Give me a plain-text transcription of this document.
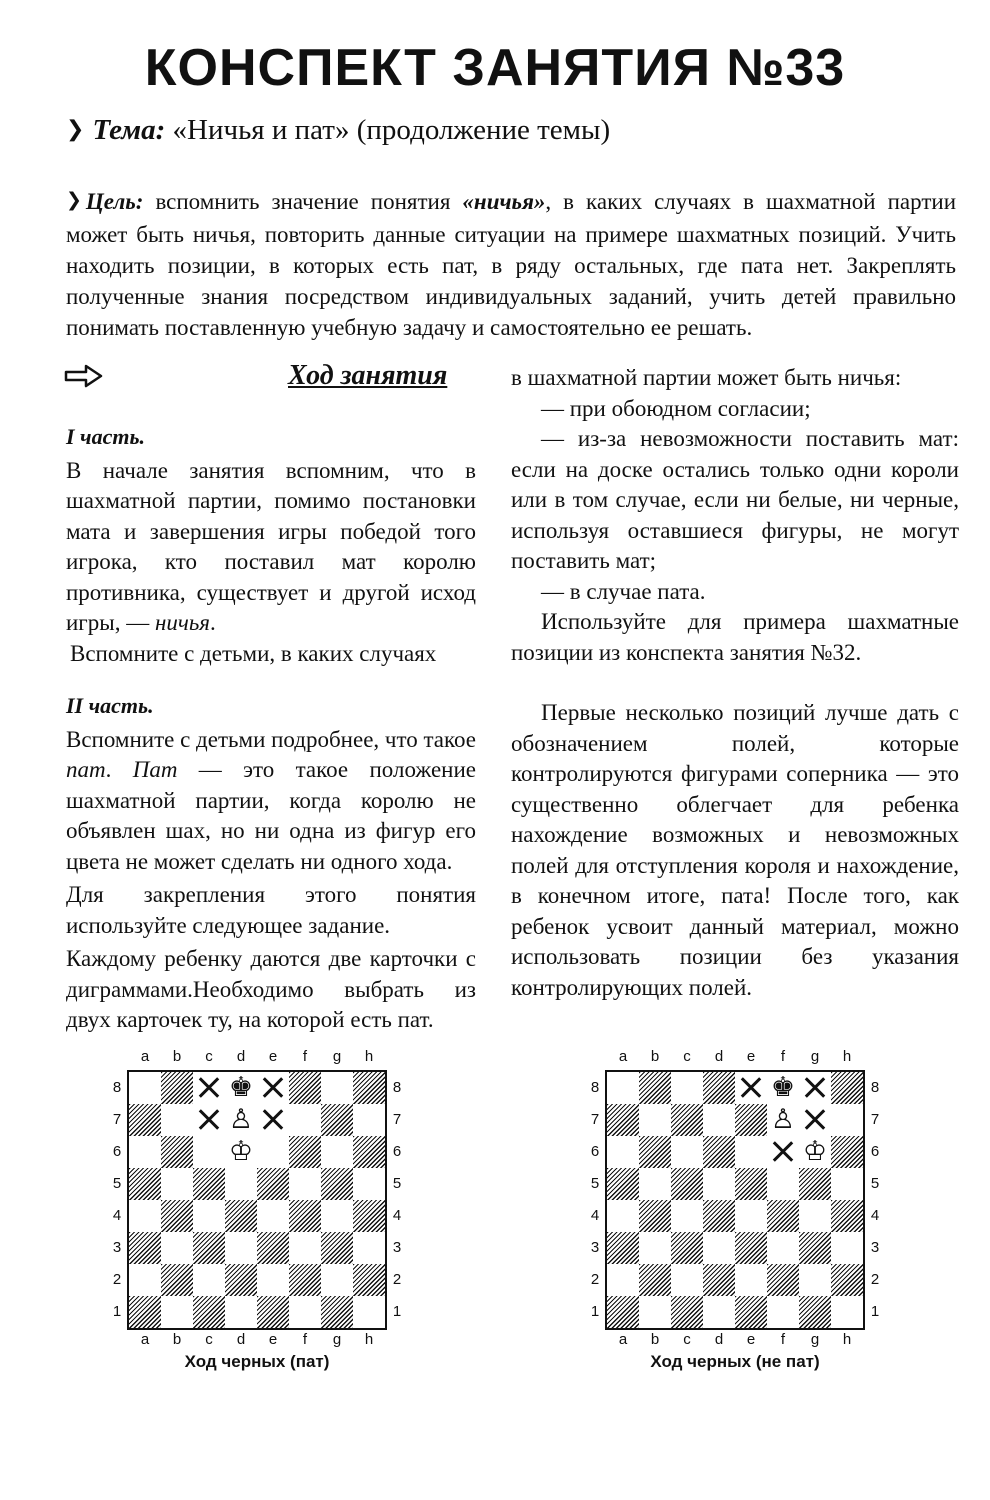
КОНСПЕКТ ЗАНЯТИЯ №33
❯ Тема: «Ничья и пат» (продолжение темы)
❯ Цель: вспомнить значение понятия «ничья», в каких случаях в шахматной партии может быть ничья, повторить данные ситуации на примере шахматных позиций. Учить находить позиции, в которых есть пат, в ряду остальных, где пата нет. Закреплять полученные знания посредством индивидуальных заданий, учить детей правильно понимать поставленную учебную задачу и самостоятельно ее решать.
Ход занятия

I часть.

В начале занятия вспомним, что в шахматной партии, помимо постановки мата и завершения игры победой того игрока, кто поставил мат королю противника, существует и другой исход игры, — ничья.

Вспомните с детьми, в каких случаях

II часть.

Вспомните с детьми подробнее, что такое пат. Пат — это такое положение шахматной партии, когда королю не объявлен шах, но ни одна из фигур его цвета не может сделать ни одного хода.

Для закрепления этого понятия используйте следующее задание.

Каждому ребенку даются две карточки с диграммами.Необходимо выбрать из двух карточек ту, на которой есть пат.

в шахматной партии может быть ничья:

— при обоюдном согласии;

— из-за невозможности поставить мат: если на доске остались только одни короли или в том случае, если ни белые, ни черные, используя оставшиеся фигуры, не могут поставить мат;

— в случае пата.

Используйте для примера шахматные позиции из конспекта занятия №32.

Первые несколько позиций лучше дать с обозначением полей, которые контролируются фигурами соперника — это существенно облегчает для ребенка нахождение возможных и невозможных полей для отступления короля и нахождение, в конечном итоге, пата! После того, как ребенок усвоит данный материал, можно использовать позиции без указания контролирующих полей.

a	b	c	d	e	f	g	h
a	b	c	d	e	f	g	h
8
7
6
5
4
3
2
1
8
7
6
5
4
3
2
1
♚
♙
♔
Ход черных (пат)
a	b	c	d	e	f	g	h
a	b	c	d	e	f	g	h
8
7
6
5
4
3
2
1
8
7
6
5
4
3
2
1
♚
♙
♔
Ход черных (не пат)
